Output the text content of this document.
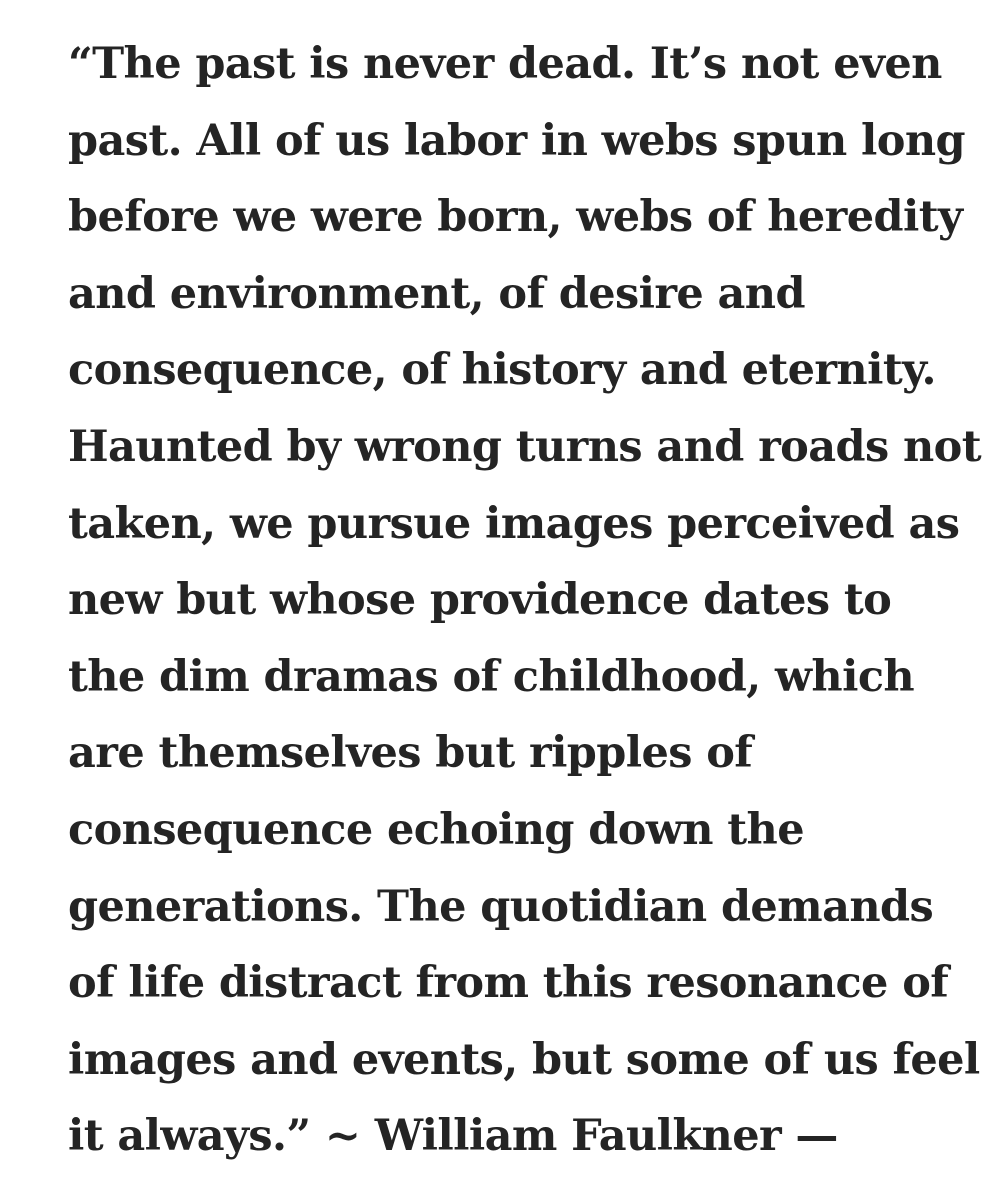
“The past is never dead. It’s not even
past. All of us labor in webs spun long
before we were born, webs of heredity
and environment, of desire and
consequence, of history and eternity.
Haunted by wrong turns and roads not
taken, we pursue images perceived as
new but whose providence dates to
the dim dramas of childhood, which
are themselves but ripples of
consequence echoing down the
generations. The quotidian demands
of life distract from this resonance of
images and events, but some of us feel
it always.” ~ William Faulkner —
